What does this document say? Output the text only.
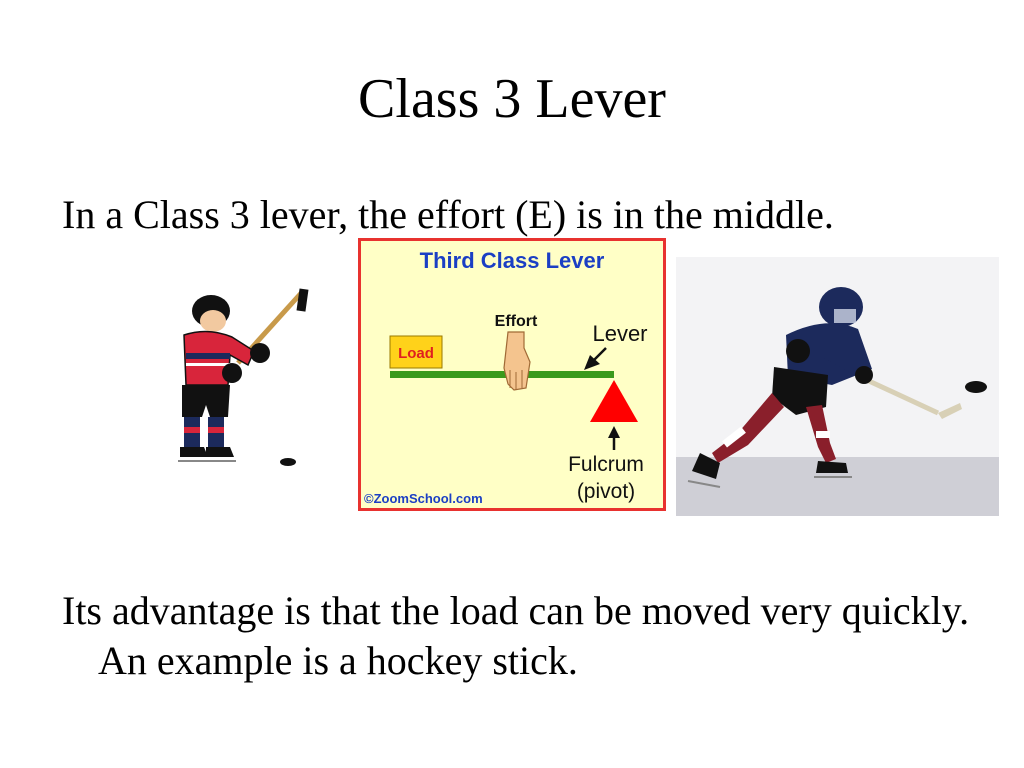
Class 3 Lever
In a Class 3 lever, the effort (E) is in the middle.
Third Class Lever
Load
Effort	Lever
Fulcrum
(pivot)
©ZoomSchool.com
Its advantage is that the load can be moved very quickly. An example is a hockey stick.
